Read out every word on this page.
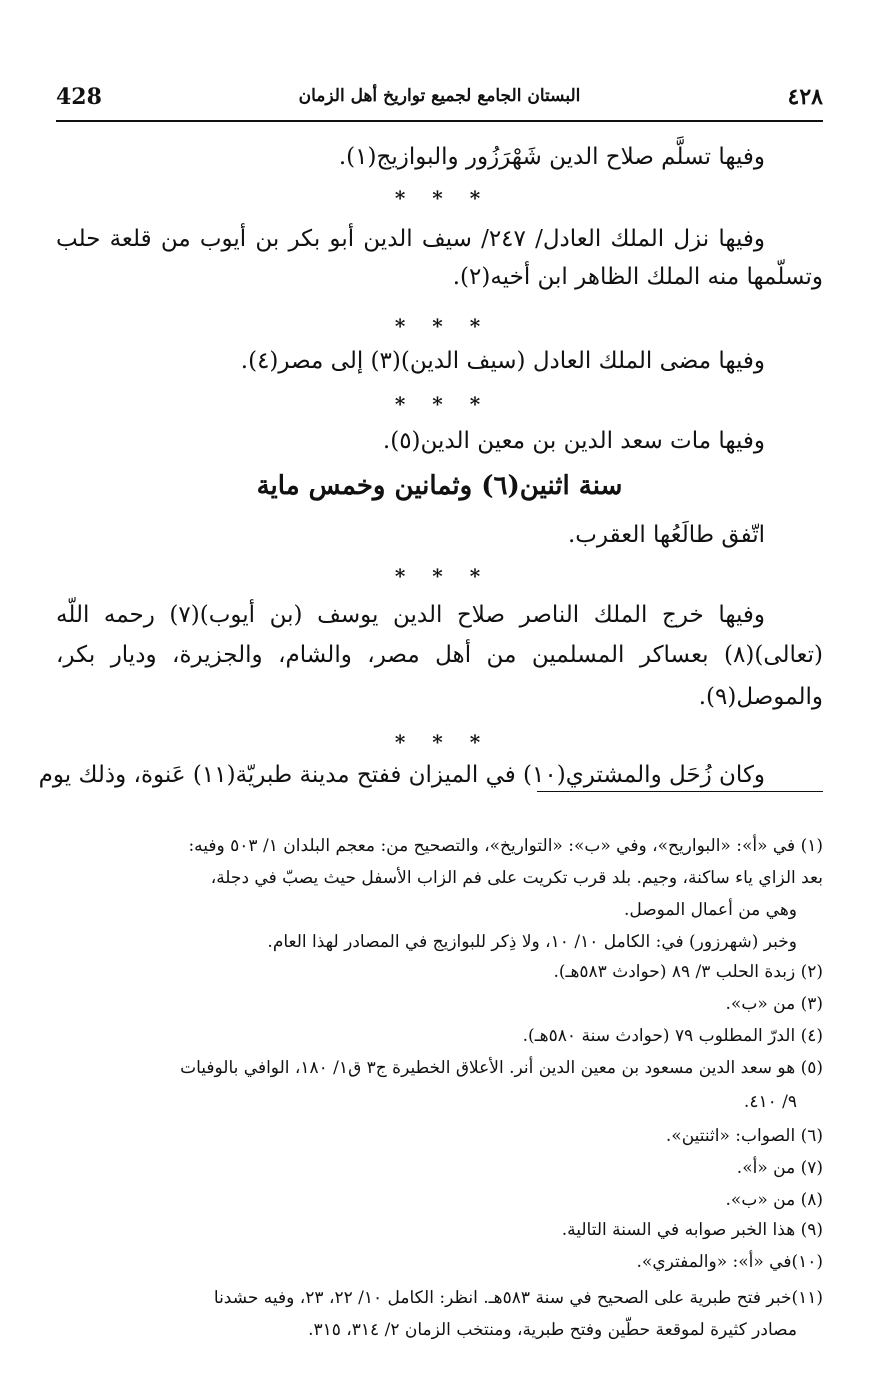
428	البستان الجامع لجميع تواريخ أهل الزمان	٤٢٨
وفيها تسلَّم صلاح الدين شَهْرَزُور والبوازيج(١).
* * *
وفيها نزل الملك العادل/ ٢٤٧/ سيف الدين أبو بكر بن أيوب من قلعة حلب
وتسلّمها منه الملك الظاهر ابن أخيه(٢).
* * *
وفيها مضى الملك العادل (سيف الدين)(٣) إلى مصر(٤).
* * *
وفيها مات سعد الدين بن معين الدين(٥).
سنة اثنين(٦) وثمانين وخمس ماية
اتّفق طالَعُها العقرب.
* * *
وفيها خرج الملك الناصر صلاح الدين يوسف (بن أيوب)(٧) رحمه اللّه
(تعالى)(٨) بعساكر المسلمين من أهل مصر، والشام، والجزيرة، وديار بكر،
والموصل(٩).
* * *
وكان زُحَل والمشتري(١٠) في الميزان ففتح مدينة طبريّة(١١) عَنوة، وذلك يوم
(١) في «أ»: «البواريح»، وفي «ب»: «التواريخ»، والتصحيح من: معجم البلدان ١/ ٥٠٣ وفيه:
بعد الزاي ياء ساكنة، وجيم. بلد قرب تكريت على فم الزاب الأسفل حيث يصبّ في دجلة،
وهي من أعمال الموصل.
وخبر (شهرزور) في: الكامل ١٠/ ١٠، ولا ذِكر للبوازيج في المصادر لهذا العام.
(٢) زبدة الحلب ٣/ ٨٩ (حوادث ٥٨٣هـ).
(٣) من «ب».
(٤) الدرّ المطلوب ٧٩ (حوادث سنة ٥٨٠هـ).
(٥) هو سعد الدين مسعود بن معين الدين أنر. الأعلاق الخطيرة ج٣ ق١/ ١٨٠، الوافي بالوفيات
٩/ ٤١٠.
(٦) الصواب: «اثنتين».
(٧) من «أ».
(٨) من «ب».
(٩) هذا الخبر صوابه في السنة التالية.
(١٠)في «أ»: «والمفتري».
(١١)خبر فتح طبرية على الصحيح في سنة ٥٨٣هـ. انظر: الكامل ١٠/ ٢٢، ٢٣، وفيه حشدنا
مصادر كثيرة لموقعة حطّين وفتح طبرية، ومنتخب الزمان ٢/ ٣١٤، ٣١٥.
